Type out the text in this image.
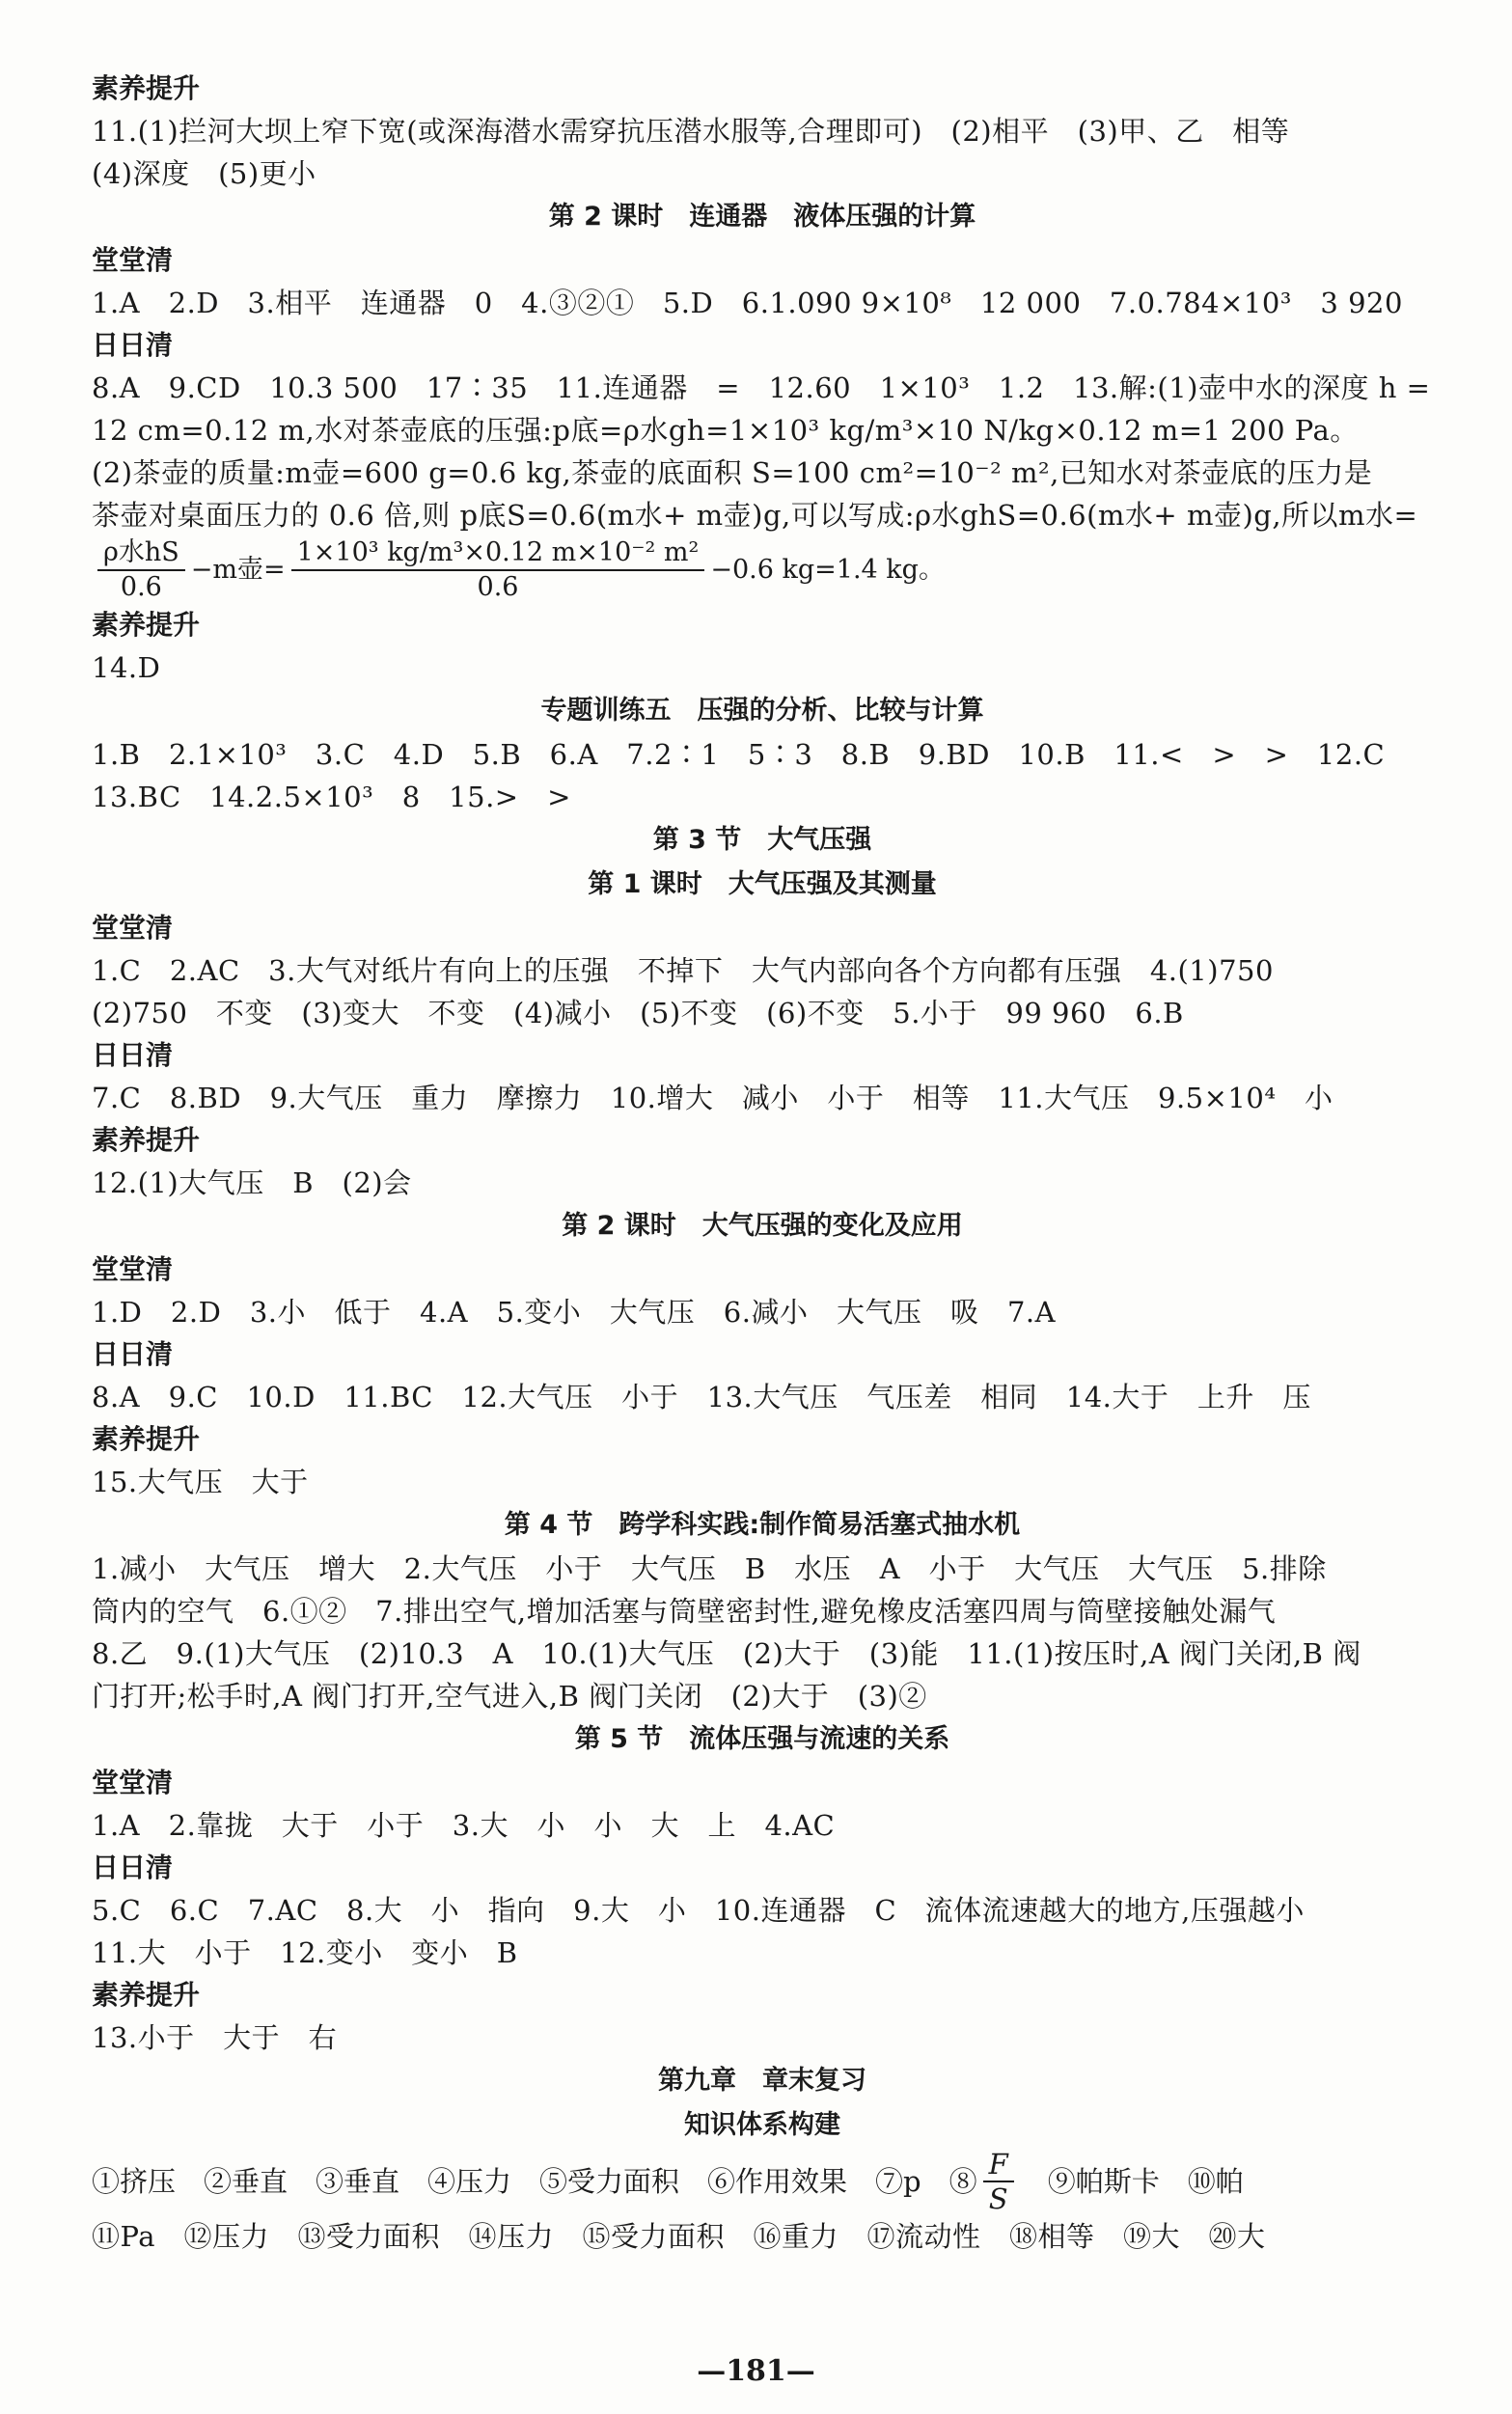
素养提升
11.(1)拦河大坝上窄下宽(或深海潜水需穿抗压潜水服等,合理即可)　(2)相平　(3)甲、乙　相等
(4)深度　(5)更小
第 2 课时　连通器　液体压强的计算
堂堂清
1.A　2.D　3.相平　连通器　0　4.③②①　5.D　6.1.090 9×10⁸　12 000　7.0.784×10³　3 920
日日清
8.A　9.CD　10.3 500　17∶35　11.连通器　=　12.60　1×10³　1.2　13.解:(1)壶中水的深度 h =
12 cm=0.12 m,水对茶壶底的压强:p底=ρ水gh=1×10³ kg/m³×10 N/kg×0.12 m=1 200 Pa。
(2)茶壶的质量:m壶=600 g=0.6 kg,茶壶的底面积 S=100 cm²=10⁻² m²,已知水对茶壶底的压力是
茶壶对桌面压力的 0.6 倍,则 p底S=0.6(m水+ m壶)g,可以写成:ρ水ghS=0.6(m水+ m壶)g,所以m水=
$\frac{\text{ρ水hS}}{0.6} -m$壶= $\frac{\text{1×10³ kg/m³×0.12 m×10⁻² m²}}{0.6} -0.6$ kg=1.4 kg。
素养提升
14.D
专题训练五　压强的分析、比较与计算
1.B　2.1×10³　3.C　4.D　5.B　6.A　7.2∶1　5∶3　8.B　9.BD　10.B　11.<　>　>　12.C
13.BC　14.2.5×10³　8　15.>　>
第 3 节　大气压强
第 1 课时　大气压强及其测量
堂堂清
1.C　2.AC　3.大气对纸片有向上的压强　不掉下　大气内部向各个方向都有压强　4.(1)750
(2)750　不变　(3)变大　不变　(4)减小　(5)不变　(6)不变　5.小于　99 960　6.B
日日清
7.C　8.BD　9.大气压　重力　摩擦力　10.增大　减小　小于　相等　11.大气压　9.5×10⁴　小
素养提升
12.(1)大气压　B　(2)会
第 2 课时　大气压强的变化及应用
堂堂清
1.D　2.D　3.小　低于　4.A　5.变小　大气压　6.减小　大气压　吸　7.A
日日清
8.A　9.C　10.D　11.BC　12.大气压　小于　13.大气压　气压差　相同　14.大于　上升　压
素养提升
15.大气压　大于
第 4 节　跨学科实践:制作简易活塞式抽水机
1.减小　大气压　增大　2.大气压　小于　大气压　B　水压　A　小于　大气压　大气压　5.排除
筒内的空气　6.①②　7.排出空气,增加活塞与筒壁密封性,避免橡皮活塞四周与筒壁接触处漏气
8.乙　9.(1)大气压　(2)10.3　A　10.(1)大气压　(2)大于　(3)能　11.(1)按压时,A 阀门关闭,B 阀
门打开;松手时,A 阀门打开,空气进入,B 阀门关闭　(2)大于　(3)②
第 5 节　流体压强与流速的关系
堂堂清
1.A　2.靠拢　大于　小于　3.大　小　小　大　上　4.AC
日日清
5.C　6.C　7.AC　8.大　小　指向　9.大　小　10.连通器　C　流体流速越大的地方,压强越小
11.大　小于　12.变小　变小　B
素养提升
13.小于　大于　右
第九章　章末复习
知识体系构建
①挤压　②垂直　③垂直　④压力　⑤受力面积　⑥作用效果　⑦p　⑧ $\frac{F}{S}$ 　⑨帕斯卡　⑩帕
⑪Pa　⑫压力　⑬受力面积　⑭压力　⑮受力面积　⑯重力　⑰流动性　⑱相等　⑲大　⑳大
—181—
